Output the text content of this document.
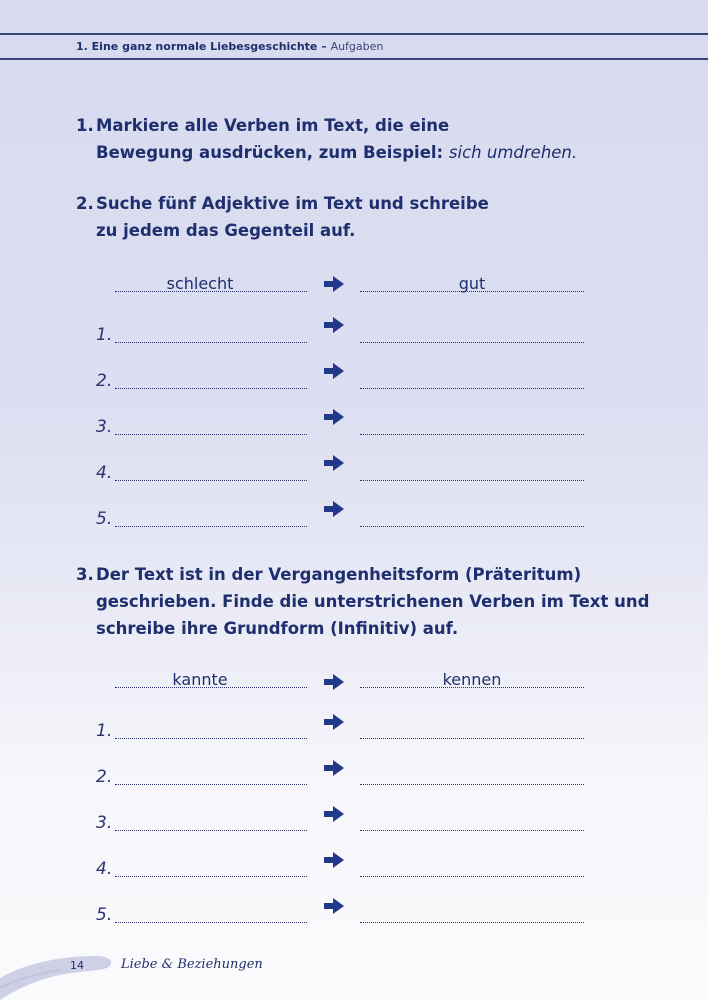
1. Eine ganz normale Liebesgeschichte – Aufgaben
1. Markiere alle Verben im Text, die eine
Bewegung ausdrücken, zum Beispiel: sich umdrehen.
2. Suche fünf Adjektive im Text und schreibe
zu jedem das Gegenteil auf.
schlecht	gut
1.
2.
3.
4.
5.
3. Der Text ist in der Vergangenheitsform (Präteritum)
geschrieben. Finde die unterstrichenen Verben im Text und
schreibe ihre Grundform (Infinitiv) auf.
kannte	kennen
1.
2.
3.
4.
5.
14	Liebe & Beziehungen
